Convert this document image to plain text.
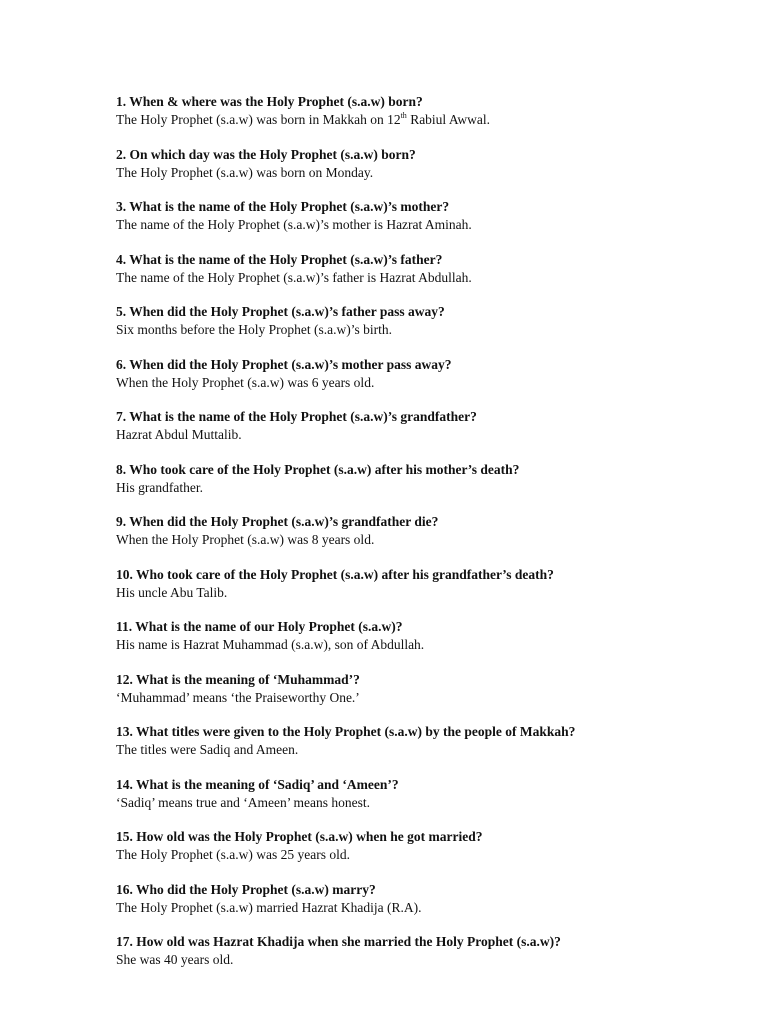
1. When & where was the Holy Prophet (s.a.w) born?
The Holy Prophet (s.a.w) was born in Makkah on 12th Rabiul Awwal.
2. On which day was the Holy Prophet (s.a.w) born?
The Holy Prophet (s.a.w) was born on Monday.
3. What is the name of the Holy Prophet (s.a.w)’s mother?
The name of the Holy Prophet (s.a.w)’s mother is Hazrat Aminah.
4. What is the name of the Holy Prophet (s.a.w)’s father?
The name of the Holy Prophet (s.a.w)’s father is Hazrat Abdullah.
5. When did the Holy Prophet (s.a.w)’s father pass away?
Six months before the Holy Prophet (s.a.w)’s birth.
6. When did the Holy Prophet (s.a.w)’s mother pass away?
When the Holy Prophet (s.a.w) was 6 years old.
7. What is the name of the Holy Prophet (s.a.w)’s grandfather?
Hazrat Abdul Muttalib.
8. Who took care of the Holy Prophet (s.a.w) after his mother’s death?
His grandfather.
9. When did the Holy Prophet (s.a.w)’s grandfather die?
When the Holy Prophet (s.a.w) was 8 years old.
10. Who took care of the Holy Prophet (s.a.w) after his grandfather’s death?
His uncle Abu Talib.
11. What is the name of our Holy Prophet (s.a.w)?
His name is Hazrat Muhammad (s.a.w), son of Abdullah.
12. What is the meaning of ‘Muhammad’?
‘Muhammad’ means ‘the Praiseworthy One.’
13. What titles were given to the Holy Prophet (s.a.w) by the people of Makkah?
The titles were Sadiq and Ameen.
14. What is the meaning of ‘Sadiq’ and ‘Ameen’?
‘Sadiq’ means true and ‘Ameen’ means honest.
15. How old was the Holy Prophet (s.a.w) when he got married?
The Holy Prophet (s.a.w) was 25 years old.
16. Who did the Holy Prophet (s.a.w) marry?
The Holy Prophet (s.a.w) married Hazrat Khadija (R.A).
17. How old was Hazrat Khadija when she married the Holy Prophet (s.a.w)?
She was 40 years old.
